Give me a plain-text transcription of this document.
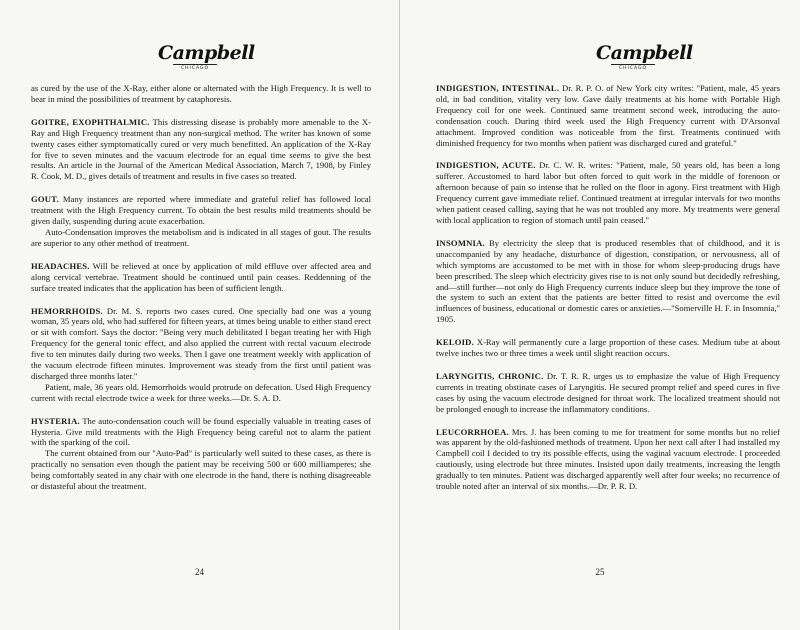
Campbell
CHICAGO

as cured by the use of the X-Ray, either alone or alternated with the High Frequency. It is well to bear in mind the possibilities of treatment by cataphoresis.

GOITRE, EXOPHTHALMIC . This distressing disease is probably more amenable to the X-Ray and High Frequency treatment than any non-surgical method. The writer has known of some twenty cases either symptomatically cured or very much benefitted. An application of the X-Ray for five to seven minutes and the vacuum electrode for an equal time seems to give the best results. An article in the Journal of the American Medical Association, March 7, 1908, by Finley R. Cook, M. D., gives details of treatment and results in five cases so treated.

GOUT . Many instances are reported where immediate and grateful relief has followed local treatment with the High Frequency current. To obtain the best results mild treatments should be given daily, suspending during acute exacerbation.

Auto-Condensation improves the metabolism and is indicated in all stages of gout. The results are superior to any other method of treatment.

HEADACHES . Will be relieved at once by application of mild effluve over affected area and along cervical vertebrae. Treatment should be continued until pain ceases. Reddenning of the surface treated indicates that the application has been of sufficient length.

HEMORRHOIDS . Dr. M. S. reports two cases cured. One specially bad one was a young woman, 35 years old, who had suffered for fifteen years, at times being unable to either stand erect or sit with comfort. Says the doctor: "Being very much debilitated I began treating her with High Frequency for the general tonic effect, and also applied the current with rectal vacuum electrode five to ten minutes daily during two weeks. Then I gave one treatment weekly with application of the vacuum electrode fifteen minutes. Improvement was steady from the first until patient was discharged three months later."

Patient, male, 36 years old. Hemorrhoids would protrude on defecation. Used High Frequency current with rectal electrode twice a week for three weeks.—Dr. S. A. D.

HYSTERIA . The auto-condensation couch will be found especially valuable in treating cases of Hysteria. Give mild treatments with the High Frequency being careful not to alarm the patient with the sparking of the coil.

The current obtained from our "Auto-Pad" is particularly well suited to these cases, as there is practically no sensation even though the patient may be receiving 500 or 600 milliamperes; she being comfortably seated in any chair with one electrode in the hand, there is nothing disagreeable or distasteful about the treatment.

24
Campbell
CHICAGO

INDIGESTION, INTESTINAL . Dr. R. P. O. of New York city writes: "Patient, male, 45 years old, in bad condition, vitality very low. Gave daily treatments at his home with Portable High Frequency coil for one week. Continued same treatment second week, introducing the auto-condensation couch. During third week used the High Frequency current with D'Arsonval attachment. Improved condition was noticeable from the first. Treatments continued with diminished frequency for two months when patient was discharged cured and grateful."

INDIGESTION, ACUTE . Dr. C. W. R. writes: "Patient, male, 50 years old, has been a long sufferer. Accustomed to hard labor but often forced to quit work in the middle of forenoon or afternoon because of pain so intense that he rolled on the floor in agony. First treatment with High Frequency current gave immediate relief. Continued treatment at irregular intervals for two months when patient ceased calling, saying that he was not troubled any more. My treatments were general with local application to region of stomach until pain ceased."

INSOMNIA . By electricity the sleep that is produced resembles that of childhood, and it is unaccompanied by any headache, disturbance of digestion, constipation, or nervousness, all of which symptoms are accustomed to be met with in those for whom sleep-producing drugs have been prescribed. The sleep which electricity gives rise to is not only sound but decidedly refreshing, and—still further—not only do High Frequency currents induce sleep but they improve the tone of the system to such an extent that the patients are better fitted to resist and overcome the evil influences of business, educational or domestic cares or anxieties.—"Somerville H. F. in Insomnia," 1905.

KELOID . X-Ray will permanently cure a large proportion of these cases. Medium tube at about twelve inches two or three times a week until slight reaction occurs.

LARYNGITIS, CHRONIC . Dr. T. R. R. urges us to emphasize the value of High Frequency currents in treating obstinate cases of Laryngitis. He secured prompt relief and speed cures in five cases by using the vacuum electrode designed for throat work. The localized treatment should not be prolonged enough to increase the inflammatory conditions.

LEUCORRHOEA . Mrs. J. has been coming to me for treatment for some months but no relief was apparent by the old-fashioned methods of treatment. Upon her next call after I had installed my Campbell coil I decided to try its possible effects, using the vaginal vacuum electrode. I proceeded cautiously, using electrode but three minutes. Insisted upon daily treatments, increasing the length gradually to ten minutes. Patient was discharged apparently well after four weeks; no recurrence of trouble noted after an interval of six months.—Dr. P. R. D.

25
